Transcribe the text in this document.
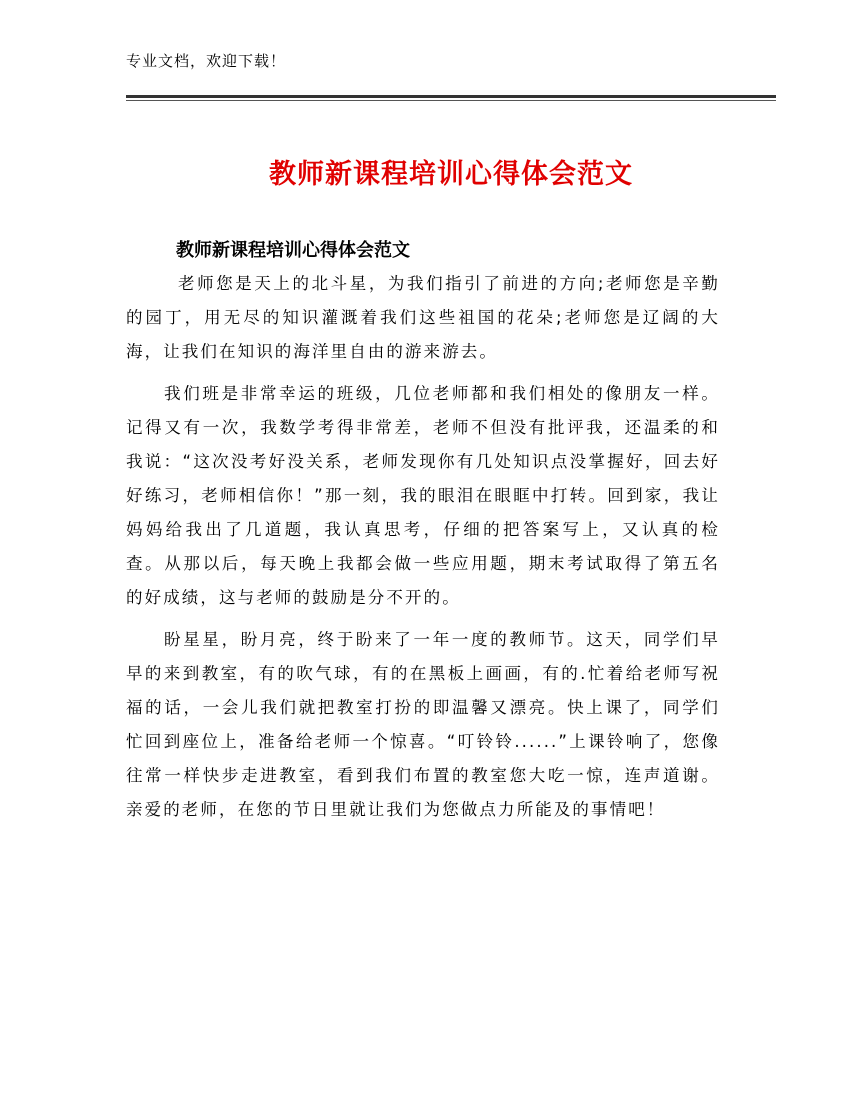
专业文档，欢迎下载！
教师新课程培训心得体会范文
教师新课程培训心得体会范文

老师您是天上的北斗星，为我们指引了前进的方向;老师您是辛勤的园丁，用无尽的知识灌溉着我们这些祖国的花朵;老师您是辽阔的大海，让我们在知识的海洋里自由的游来游去。

我们班是非常幸运的班级，几位老师都和我们相处的像朋友一样。记得又有一次，我数学考得非常差，老师不但没有批评我，还温柔的和我说：“这次没考好没关系，老师发现你有几处知识点没掌握好，回去好好练习，老师相信你！”那一刻，我的眼泪在眼眶中打转。回到家，我让妈妈给我出了几道题，我认真思考，仔细的把答案写上，又认真的检查。从那以后，每天晚上我都会做一些应用题，期末考试取得了第五名的好成绩，这与老师的鼓励是分不开的。

盼星星，盼月亮，终于盼来了一年一度的教师节。这天，同学们早早的来到教室，有的吹气球，有的在黑板上画画，有的.忙着给老师写祝福的话，一会儿我们就把教室打扮的即温馨又漂亮。快上课了，同学们忙回到座位上，准备给老师一个惊喜。“叮铃铃......”上课铃响了，您像往常一样快步走进教室，看到我们布置的教室您大吃一惊，连声道谢。亲爱的老师，在您的节日里就让我们为您做点力所能及的事情吧！
